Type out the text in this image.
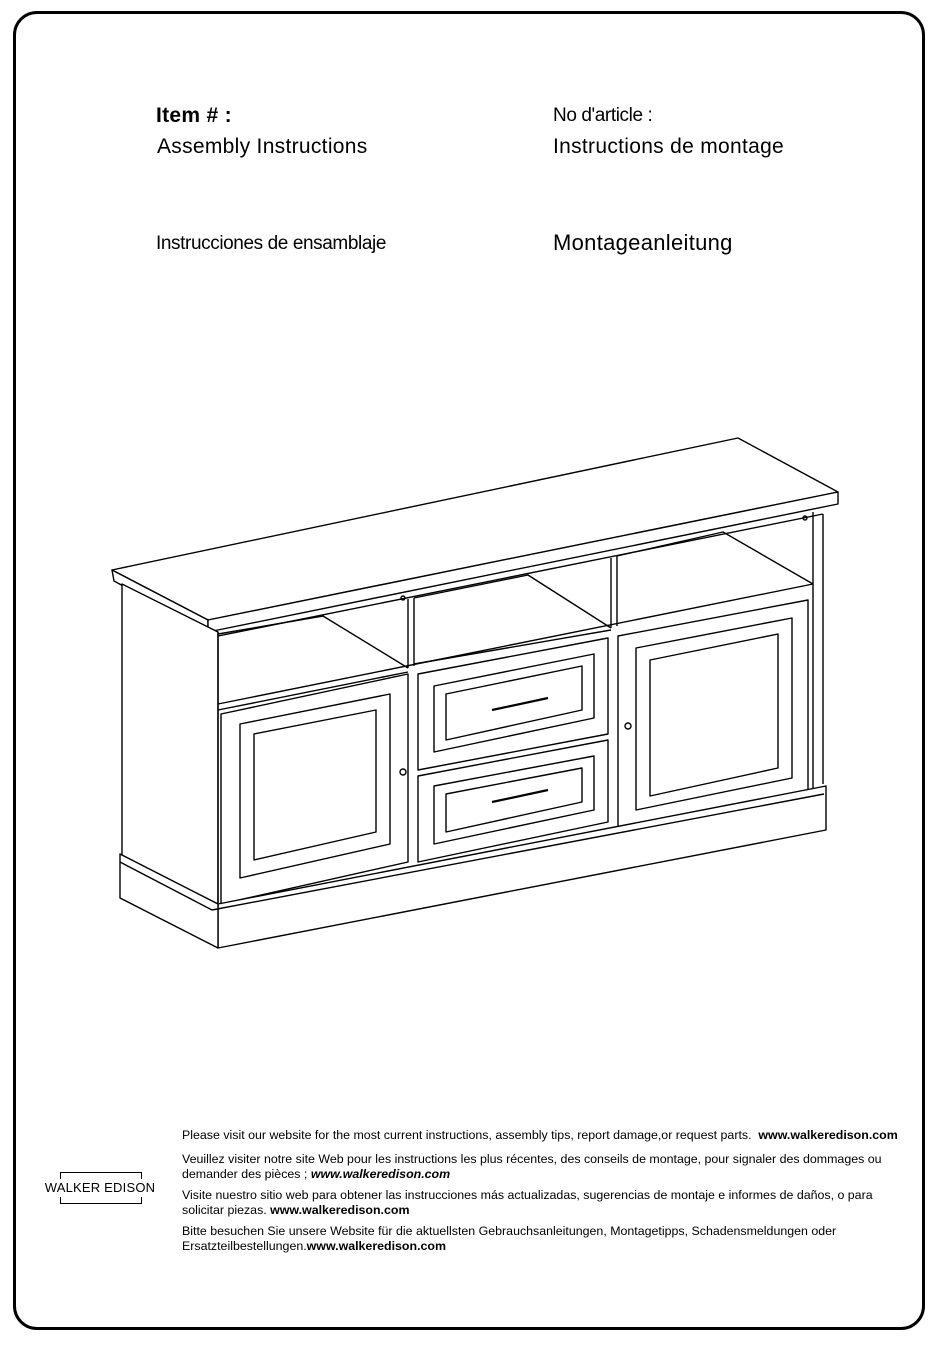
Item # :
Assembly Instructions
No d'article :
Instructions de montage
Instrucciones de ensamblaje	Montageanleitung
WALKER EDISON

Please visit our website for the most current instructions, assembly tips, report damage,or request parts. www.walkeredison.com

Veuillez visiter notre site Web pour les instructions les plus récentes, des conseils de montage, pour signaler des dommages ou demander des pièces ; www.walkeredison.com

Visite nuestro sitio web para obtener las instrucciones más actualizadas, sugerencias de montaje e informes de daños, o para solicitar piezas. www.walkeredison.com

Bitte besuchen Sie unsere Website für die aktuellsten Gebrauchsanleitungen, Montagetipps, Schadensmeldungen oder Ersatzteilbestellungen.www.walkeredison.com
